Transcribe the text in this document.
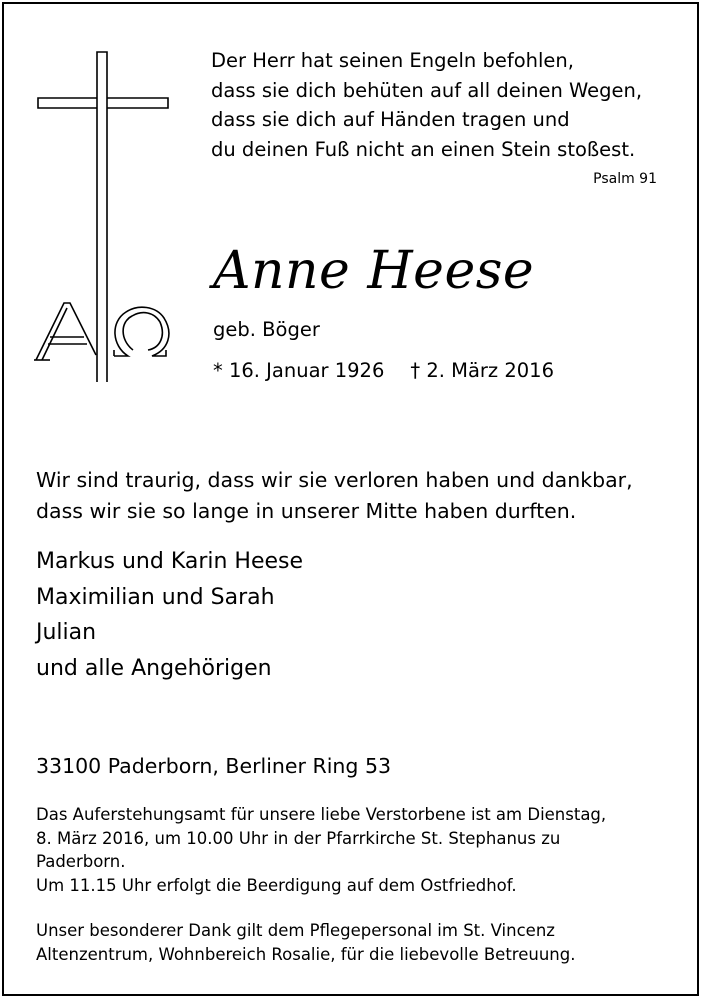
Der Herr hat seinen Engeln befohlen,
dass sie dich behüten auf all deinen Wegen,
dass sie dich auf Händen tragen und
du deinen Fuß nicht an einen Stein stoßest.
Psalm 91
Anne Heese
geb. Böger
* 16. Januar 1926 † 2. März 2016
Wir sind traurig, dass wir sie verloren haben und dankbar,
dass wir sie so lange in unserer Mitte haben durften.
Markus und Karin Heese
Maximilian und Sarah
Julian
und alle Angehörigen
33100 Paderborn, Berliner Ring 53
Das Auferstehungsamt für unsere liebe Verstorbene ist am Dienstag,
8. März 2016, um 10.00 Uhr in der Pfarrkirche St. Stephanus zu
Paderborn.
Um 11.15 Uhr erfolgt die Beerdigung auf dem Ostfriedhof.
Unser besonderer Dank gilt dem Pflegepersonal im St. Vincenz
Altenzentrum, Wohnbereich Rosalie, für die liebevolle Betreuung.
